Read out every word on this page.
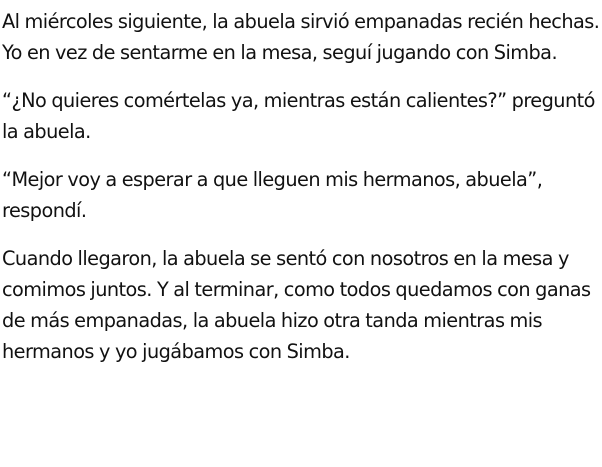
Al miércoles siguiente, la abuela sirvió empanadas recién hechas. Yo en vez de sentarme en la mesa, seguí jugando con Simba.

“¿No quieres comértelas ya, mientras están calientes?” preguntó la abuela.

“Mejor voy a esperar a que lleguen mis hermanos, abuela”, respondí.

Cuando llegaron, la abuela se sentó con nosotros en la mesa y comimos juntos. Y al terminar, como todos quedamos con ganas de más empanadas, la abuela hizo otra tanda mientras mis hermanos y yo jugábamos con Simba.
